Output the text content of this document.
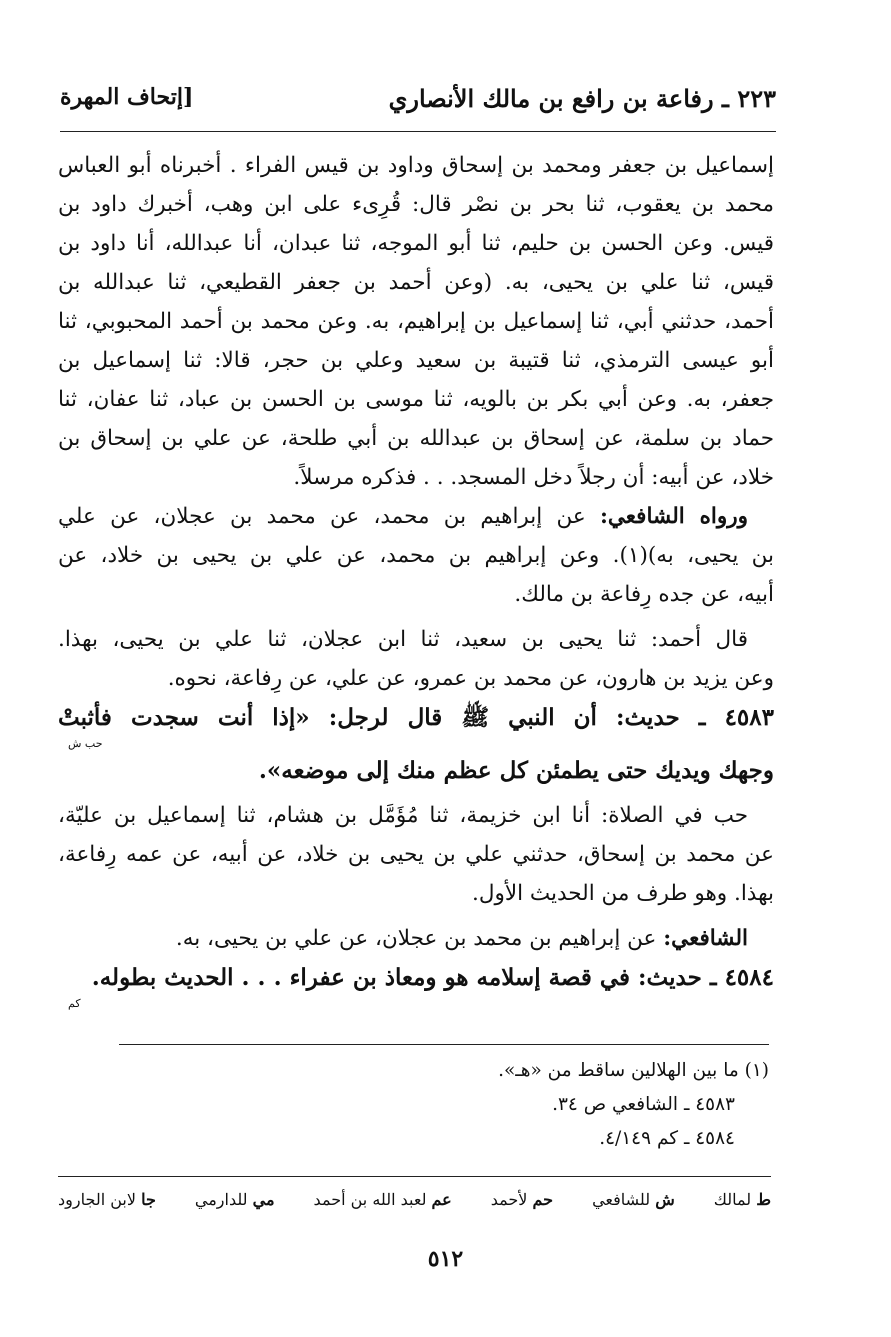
٢٢٣ ـ رفاعة بن رافع بن مالك الأنصاري
[إتحاف المهرة
إسماعيل بن جعفر ومحمد بن إسحاق وداود بن قيس الفراء . أخبرناه أبو العباس
محمد بن يعقوب، ثنا بحر بن نصْر قال: قُرِىء على ابن وهب، أخبرك داود بن
قيس. وعن الحسن بن حليم، ثنا أبو الموجه، ثنا عبدان، أنا عبدالله، أنا داود بن
قيس، ثنا علي بن يحيى، به. (وعن أحمد بن جعفر القطيعي، ثنا عبدالله بن
أحمد، حدثني أبي، ثنا إسماعيل بن إبراهيم، به. وعن محمد بن أحمد المحبوبي، ثنا
أبو عيسى الترمذي، ثنا قتيبة بن سعيد وعلي بن حجر، قالا: ثنا إسماعيل بن
جعفر، به. وعن أبي بكر بن بالويه، ثنا موسى بن الحسن بن عباد، ثنا عفان، ثنا
حماد بن سلمة، عن إسحاق بن عبدالله بن أبي طلحة، عن علي بن إسحاق بن
خلاد، عن أبيه: أن رجلاً دخل المسجد. . . فذكره مرسلاً.
ورواه الشافعي: عن إبراهيم بن محمد، عن محمد بن عجلان، عن علي
بن يحيى، به)(١). وعن إبراهيم بن محمد، عن علي بن يحيى بن خلاد، عن
أبيه، عن جده رِفاعة بن مالك.
قال أحمد: ثنا يحيى بن سعيد، ثنا ابن عجلان، ثنا علي بن يحيى، بهذا.
وعن يزيد بن هارون، عن محمد بن عمرو، عن علي، عن رِفاعة، نحوه.
٤٥٨٣ ـ حديث: أن النبي ﷺ قال لرجل: «إذا أنت سجدت فأثبتْ
حب ش
وجهك ويديك حتى يطمئن كل عظم منك إلى موضعه».
حب في الصلاة: أنا ابن خزيمة، ثنا مُؤَمَّل بن هشام، ثنا إسماعيل بن عليّة،
عن محمد بن إسحاق، حدثني علي بن يحيى بن خلاد، عن أبيه، عن عمه رِفاعة،
بهذا. وهو طرف من الحديث الأول.
الشافعي: عن إبراهيم بن محمد بن عجلان، عن علي بن يحيى، به.
٤٥٨٤ ـ حديث: في قصة إسلامه هو ومعاذ بن عفراء . . . الحديث بطوله.
كم
(١) ما بين الهلالين ساقط من «هـ».
٤٥٨٣ ـ الشافعي ص ٣٤.
٤٥٨٤ ـ كم ٤/١٤٩.
ط لمالك
ش للشافعي
حم لأحمد
عم لعبد الله بن أحمد
مي للدارمي
جا لابن الجارود
٥١٢
